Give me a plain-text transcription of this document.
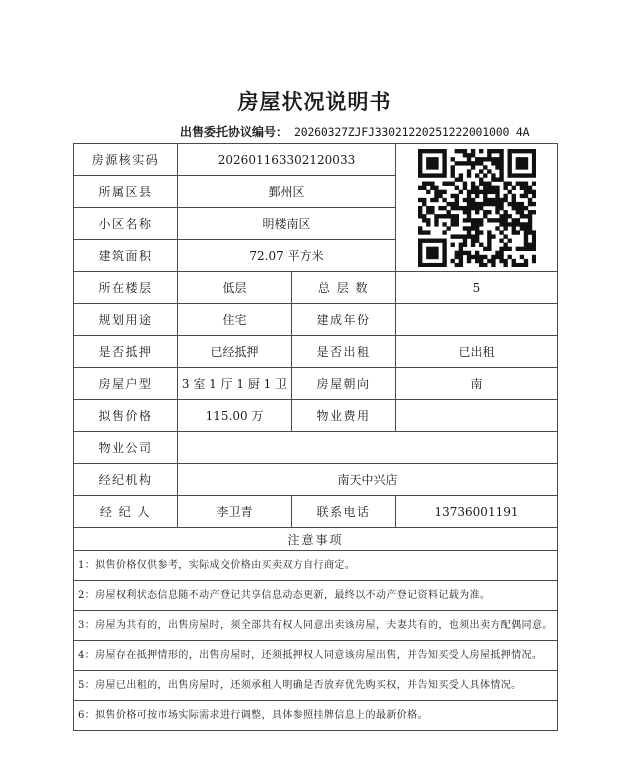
房屋状况说明书
出售委托协议编号： 20260327ZJFJ33021220251222001000 4A
房源核实码	202601163302120033	

所属区县	鄞州区		
小区名称	明楼南区		
建筑面积	72.07 平方米		
所在楼层	低层	总 层 数	5
规划用途	住宅	建成年份	
是否抵押	已经抵押	是否出租	已出租
房屋户型	3 室 1 厅 1 厨 1 卫	房屋朝向	南
拟售价格	115.00 万	物业费用	
物业公司			
经纪机构	南天中兴店		
经 纪 人	李卫青	联系电话	13736001191
注意事项			

1：拟售价格仅供参考，实际成交价格由买卖双方自行商定。			

2：房屋权利状态信息随不动产登记共享信息动态更新，最终以不动产登记资料记载为准。			

3：房屋为共有的，出售房屋时，须全部共有权人同意出卖该房屋，夫妻共有的，也须出卖方配偶同意。			

4：房屋存在抵押情形的，出售房屋时，还须抵押权人同意该房屋出售，并告知买受人房屋抵押情况。			

5：房屋已出租的，出售房屋时，还须承租人明确是否放弃优先购买权，并告知买受人具体情况。			

6：拟售价格可按市场实际需求进行调整，具体参照挂牌信息上的最新价格。			
